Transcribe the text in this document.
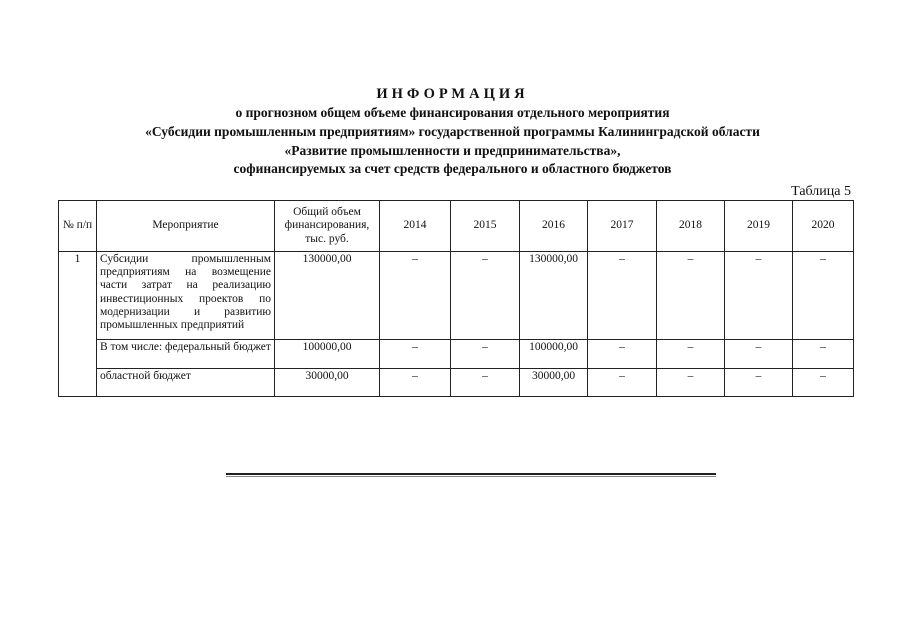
ИНФОРМАЦИЯ
о прогнозном общем объеме финансирования отдельного мероприятия
«Субсидии промышленным предприятиям» государственной программы Калининградской области
«Развитие промышленности и предпринимательства»,
софинансируемых за счет средств федерального и областного бюджетов
Таблица 5
№ п/п	Мероприятие	Общий объем финансирования, тыс. руб.	2014	2015	2016	2017	2018	2019	2020
1	Субсидии промышленным предприятиям на возмещение части затрат на реализацию инвестиционных проектов по модернизации и развитию промышленных предприятий	130000,00	–	–	130000,00	–	–	–	–
	В том числе: федеральный бюджет	100000,00	–	–	100000,00	–	–	–	–
	областной бюджет	30000,00	–	–	30000,00	–	–	–	–
